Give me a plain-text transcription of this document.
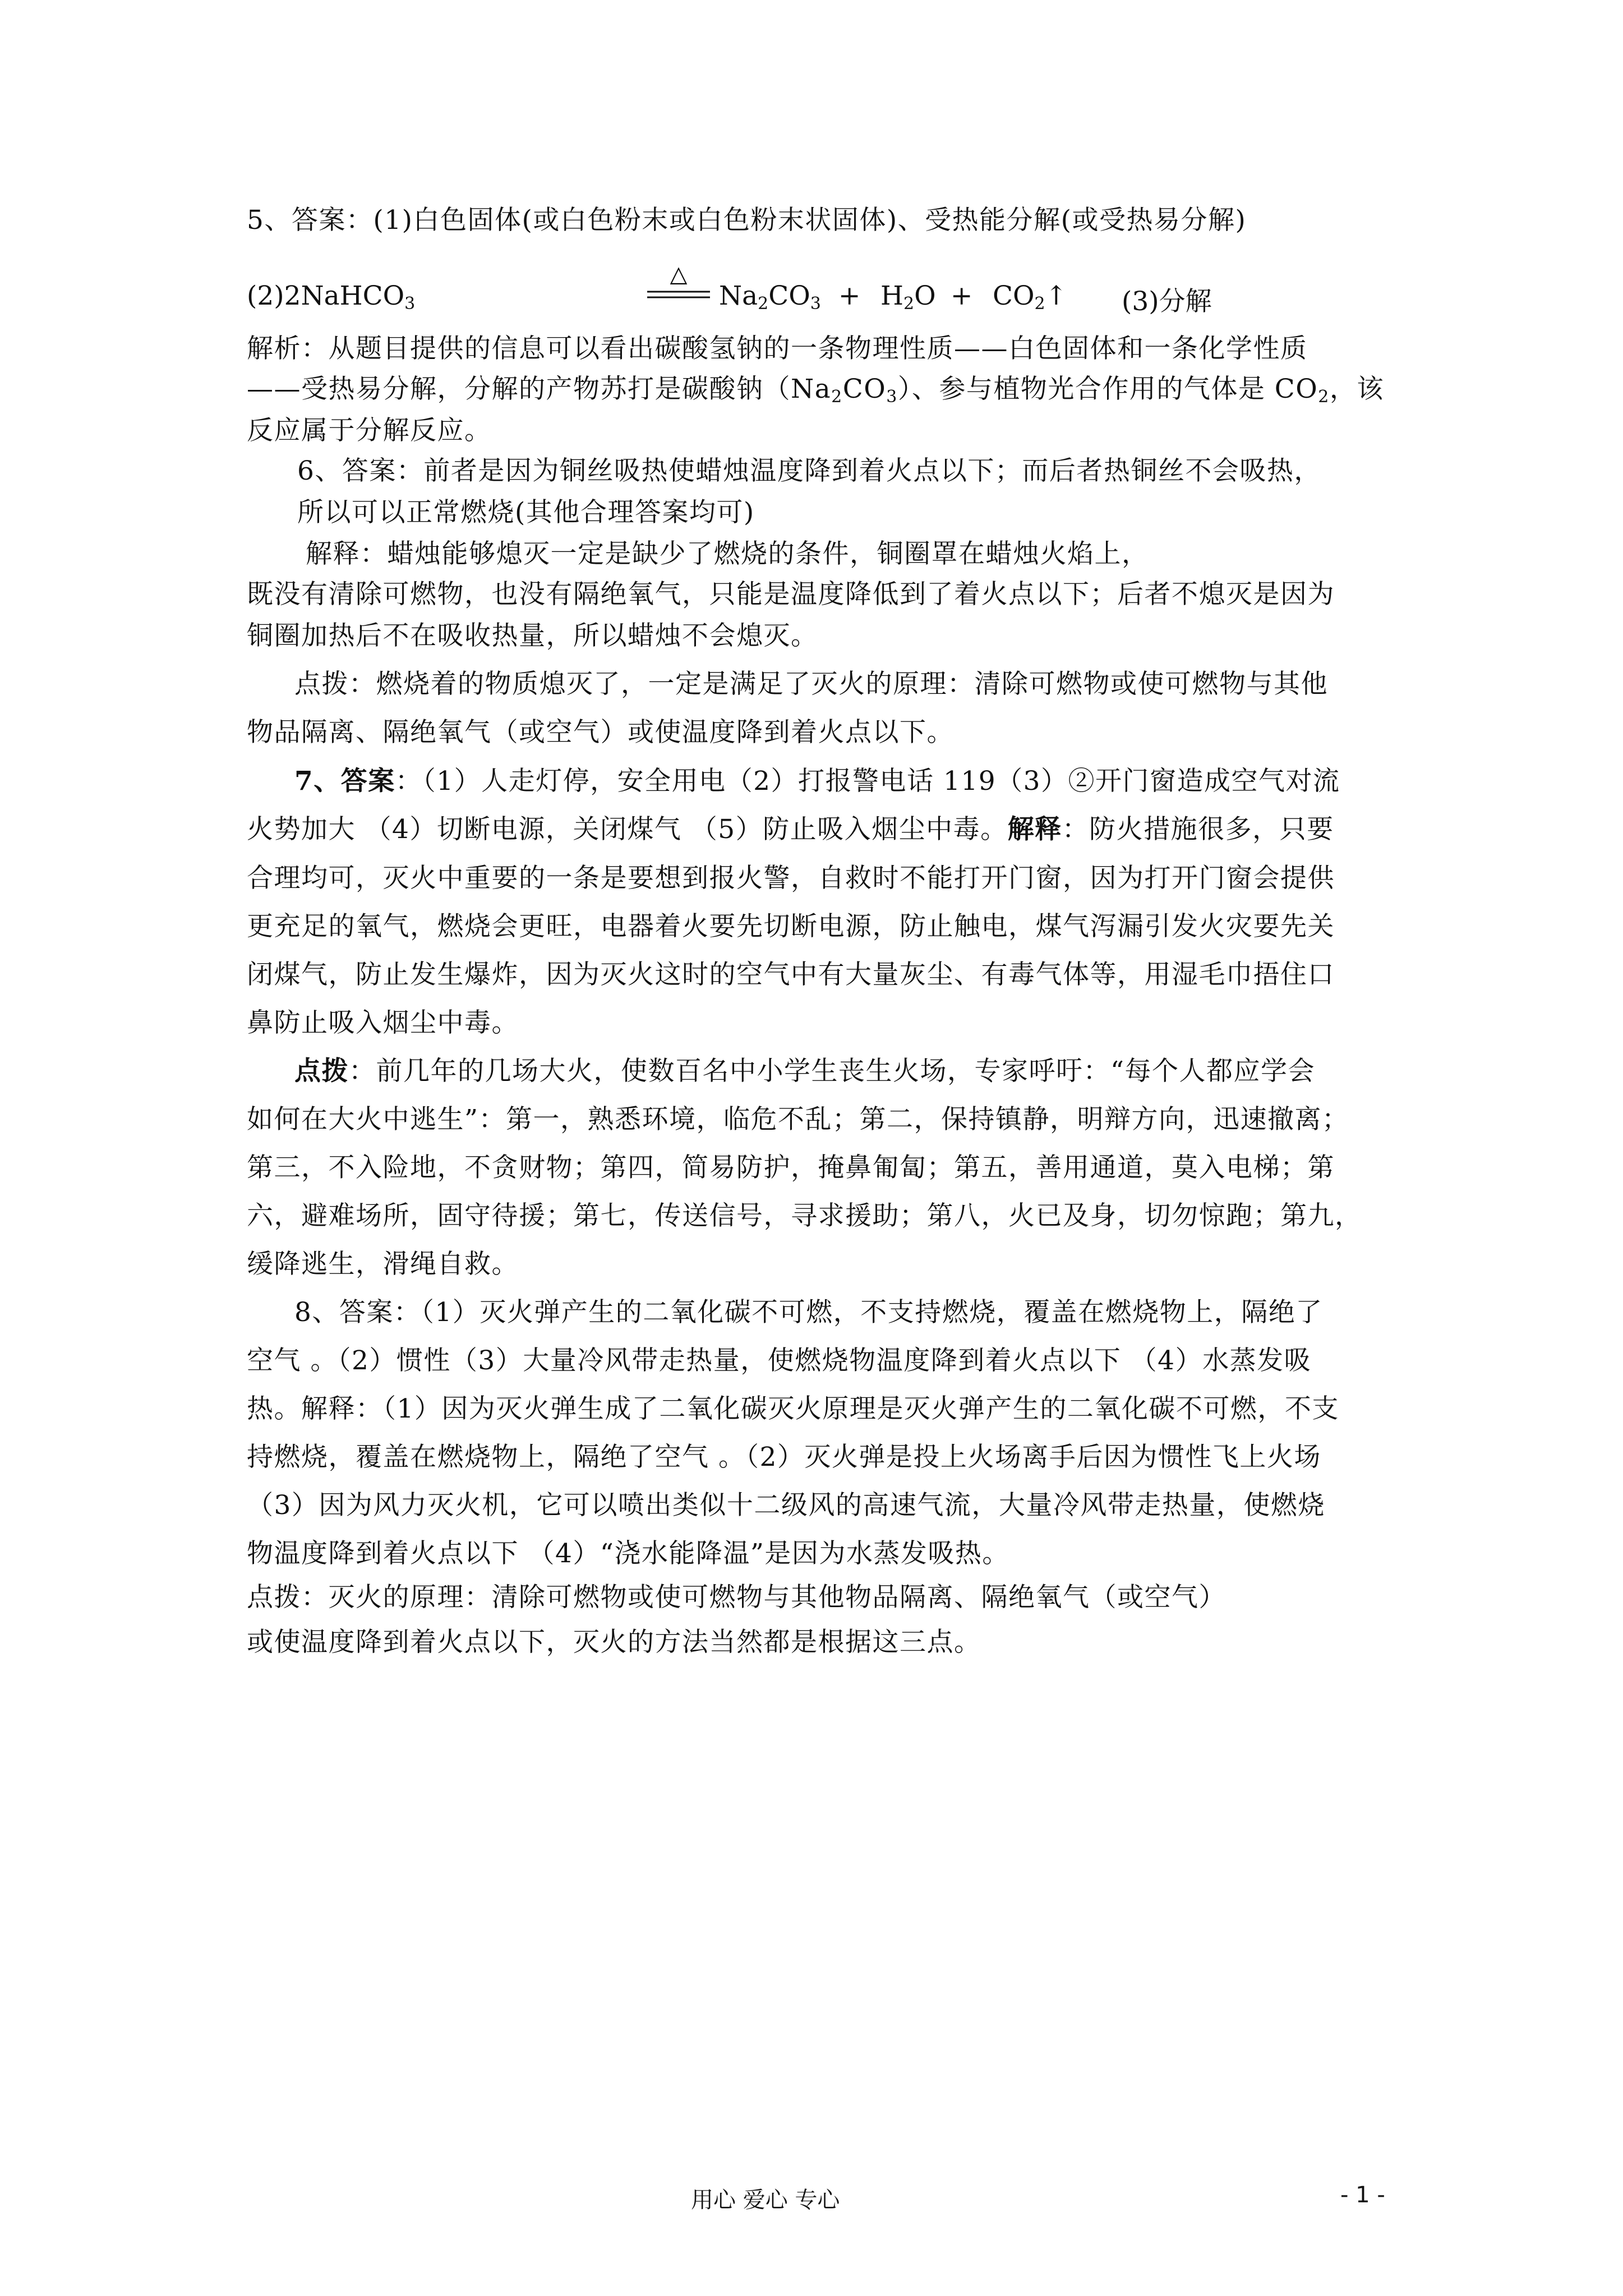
5、答案：(1)白色固体(或白色粉末或白色粉末状固体)、受热能分解(或受热易分解)
(2)2NaHCO$_3$
△
$Na_2CO_3 + H_2O$ + $CO_2↑$ (3)分解
解析：从题目提供的信息可以看出碳酸氢钠的一条物理性质——白色固体和一条化学性质
——受热易分解，分解的产物苏打是碳酸钠$(Na_2CO_3)$、参与植物光合作用的气体是 $CO_2$，该
反应属于分解反应。
6、答案：前者是因为铜丝吸热使蜡烛温度降到着火点以下；而后者热铜丝不会吸热，
所以可以正常燃烧(其他合理答案均可)
解释：蜡烛能够熄灭一定是缺少了燃烧的条件，铜圈罩在蜡烛火焰上，
既没有清除可燃物，也没有隔绝氧气，只能是温度降低到了着火点以下；后者不熄灭是因为
铜圈加热后不在吸收热量，所以蜡烛不会熄灭。
点拨：燃烧着的物质熄灭了，一定是满足了灭火的原理：清除可燃物或使可燃物与其他
物品隔离、隔绝氧气（或空气）或使温度降到着火点以下。
7、答案：（1）人走灯停，安全用电（2）打报警电话 119（3）②开门窗造成空气对流
火势加大 （4）切断电源，关闭煤气 （5）防止吸入烟尘中毒。解释：防火措施很多，只要
合理均可，灭火中重要的一条是要想到报火警，自救时不能打开门窗，因为打开门窗会提供
更充足的氧气，燃烧会更旺，电器着火要先切断电源，防止触电，煤气泻漏引发火灾要先关
闭煤气，防止发生爆炸，因为灭火这时的空气中有大量灰尘、有毒气体等，用湿毛巾捂住口
鼻防止吸入烟尘中毒。
点拨：前几年的几场大火，使数百名中小学生丧生火场，专家呼吁：“每个人都应学会
如何在大火中逃生”：第一，熟悉环境，临危不乱；第二，保持镇静，明辩方向，迅速撤离；
第三，不入险地，不贪财物；第四，简易防护，掩鼻匍匐；第五，善用通道，莫入电梯；第
六，避难场所，固守待援；第七，传送信号，寻求援助；第八，火已及身，切勿惊跑；第九，
缓降逃生，滑绳自救。
8、答案：（1）灭火弹产生的二氧化碳不可燃，不支持燃烧，覆盖在燃烧物上，隔绝了
空气 。（2）惯性（3）大量冷风带走热量，使燃烧物温度降到着火点以下 （4）水蒸发吸
热。解释：（1）因为灭火弹生成了二氧化碳灭火原理是灭火弹产生的二氧化碳不可燃，不支
持燃烧，覆盖在燃烧物上，隔绝了空气 。（2）灭火弹是投上火场离手后因为惯性飞上火场
（3）因为风力灭火机，它可以喷出类似十二级风的高速气流，大量冷风带走热量，使燃烧
物温度降到着火点以下 （4）“浇水能降温”是因为水蒸发吸热。
点拨：灭火的原理：清除可燃物或使可燃物与其他物品隔离、隔绝氧气（或空气）
或使温度降到着火点以下，灭火的方法当然都是根据这三点。
用心 爱心 专心	- 1 -
